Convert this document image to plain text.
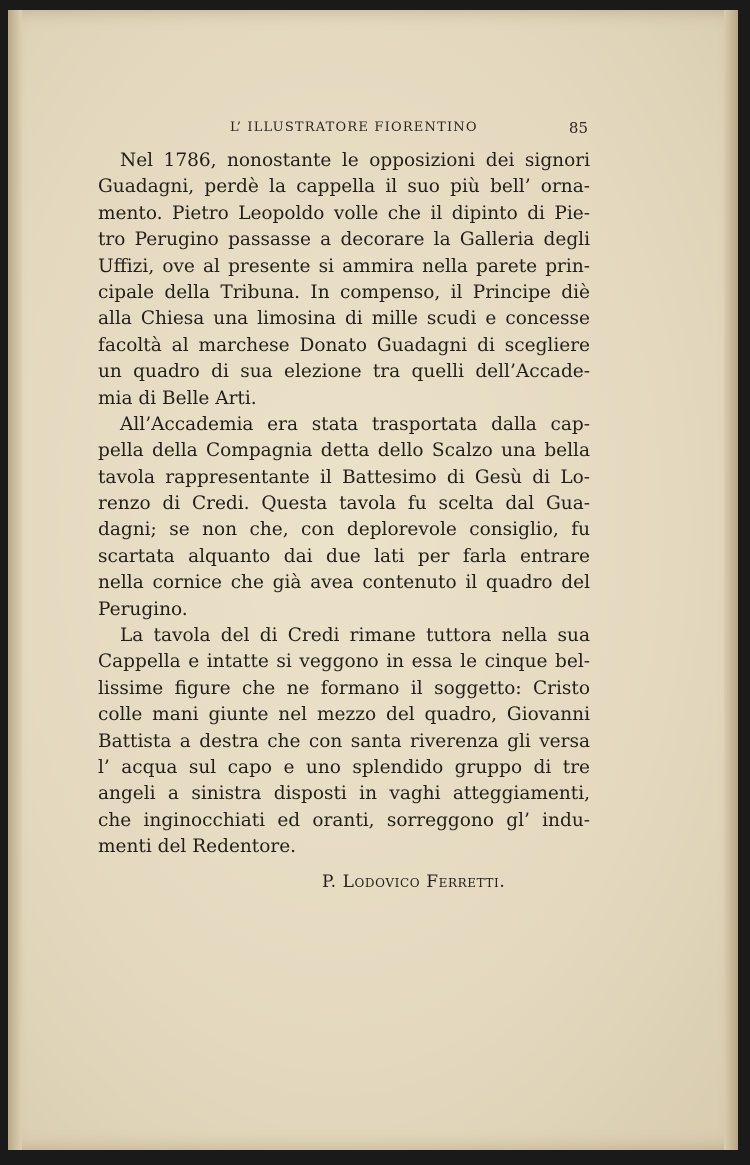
L’ ILLUSTRATORE FIORENTINO	85
Nel 1786, nonostante le opposizioni dei signori
Guadagni, perdè la cappella il suo più bell’ orna-
mento. Pietro Leopoldo volle che il dipinto di Pie-
tro Perugino passasse a decorare la Galleria degli
Uffizi, ove al presente si ammira nella parete prin-
cipale della Tribuna. In compenso, il Principe diè
alla Chiesa una limosina di mille scudi e concesse
facoltà al marchese Donato Guadagni di scegliere
un quadro di sua elezione tra quelli dell’Accade-
mia di Belle Arti.
All’Accademia era stata trasportata dalla cap-
pella della Compagnia detta dello Scalzo una bella
tavola rappresentante il Battesimo di Gesù di Lo-
renzo di Credi. Questa tavola fu scelta dal Gua-
dagni; se non che, con deplorevole consiglio, fu
scartata alquanto dai due lati per farla entrare
nella cornice che già avea contenuto il quadro del
Perugino.
La tavola del di Credi rimane tuttora nella sua
Cappella e intatte si veggono in essa le cinque bel-
lissime figure che ne formano il soggetto: Cristo
colle mani giunte nel mezzo del quadro, Giovanni
Battista a destra che con santa riverenza gli versa
l’ acqua sul capo e uno splendido gruppo di tre
angeli a sinistra disposti in vaghi atteggiamenti,
che inginocchiati ed oranti, sorreggono gl’ indu-
menti del Redentore.
P. Lodovico Ferretti.
